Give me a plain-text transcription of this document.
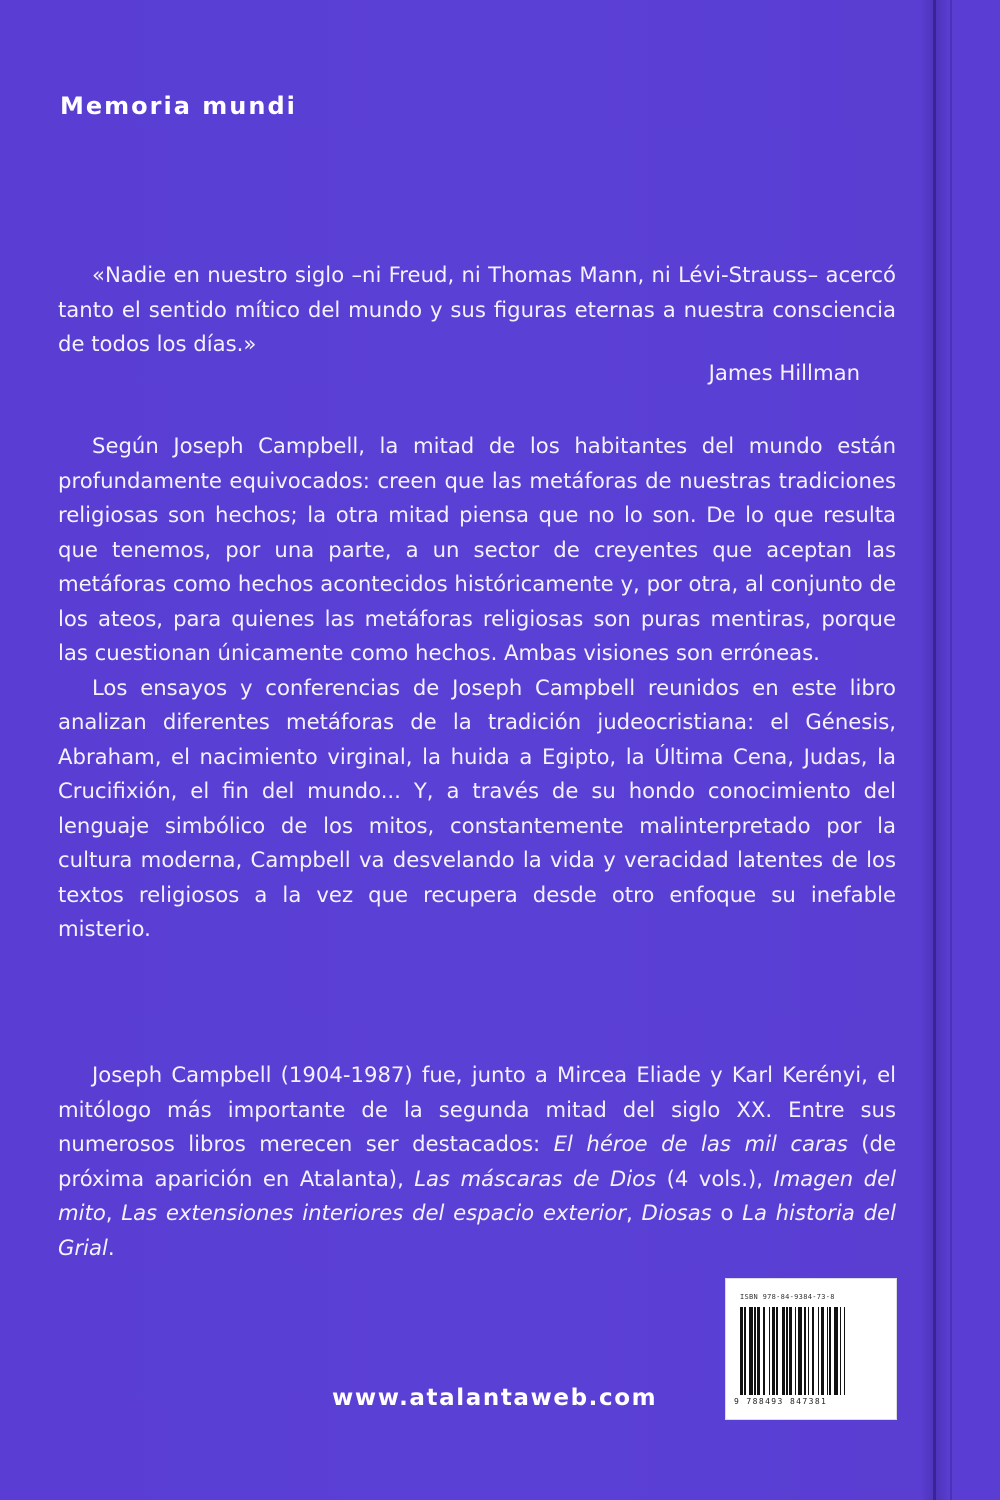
Memoria mundi

«Nadie en nuestro siglo –ni Freud, ni Thomas Mann, ni Lévi-Strauss– acercó tanto el sentido mítico del mundo y sus figuras eternas a nuestra consciencia de todos los días.»

James Hillman

Según Joseph Campbell, la mitad de los habitantes del mundo están profundamente equivocados: creen que las metáforas de nuestras tradiciones religiosas son hechos; la otra mitad piensa que no lo son. De lo que resulta que tenemos, por una parte, a un sector de creyentes que aceptan las metáforas como hechos acontecidos históricamente y, por otra, al conjunto de los ateos, para quienes las metáforas religiosas son puras mentiras, porque las cuestionan únicamente como hechos. Ambas visiones son erróneas.

Los ensayos y conferencias de Joseph Campbell reunidos en este libro analizan diferentes metáforas de la tradición judeocristiana: el Génesis, Abraham, el nacimiento virginal, la huida a Egipto, la Última Cena, Judas, la Crucifixión, el fin del mundo... Y, a través de su hondo conocimiento del lenguaje simbólico de los mitos, constantemente malinterpretado por la cultura moderna, Campbell va desvelando la vida y veracidad latentes de los textos religiosos a la vez que recupera desde otro enfoque su inefable misterio.

Joseph Campbell (1904-1987) fue, junto a Mircea Eliade y Karl Kerényi, el mitólogo más importante de la segunda mitad del siglo XX. Entre sus numerosos libros merecen ser destacados: El héroe de las mil caras (de próxima aparición en Atalanta), Las máscaras de Dios (4 vols.), Imagen del mito, Las extensiones interiores del espacio exterior, Diosas o La historia del Grial.

ISBN 978-84-9384-73-8

9 788493 847381

www.atalantaweb.com
